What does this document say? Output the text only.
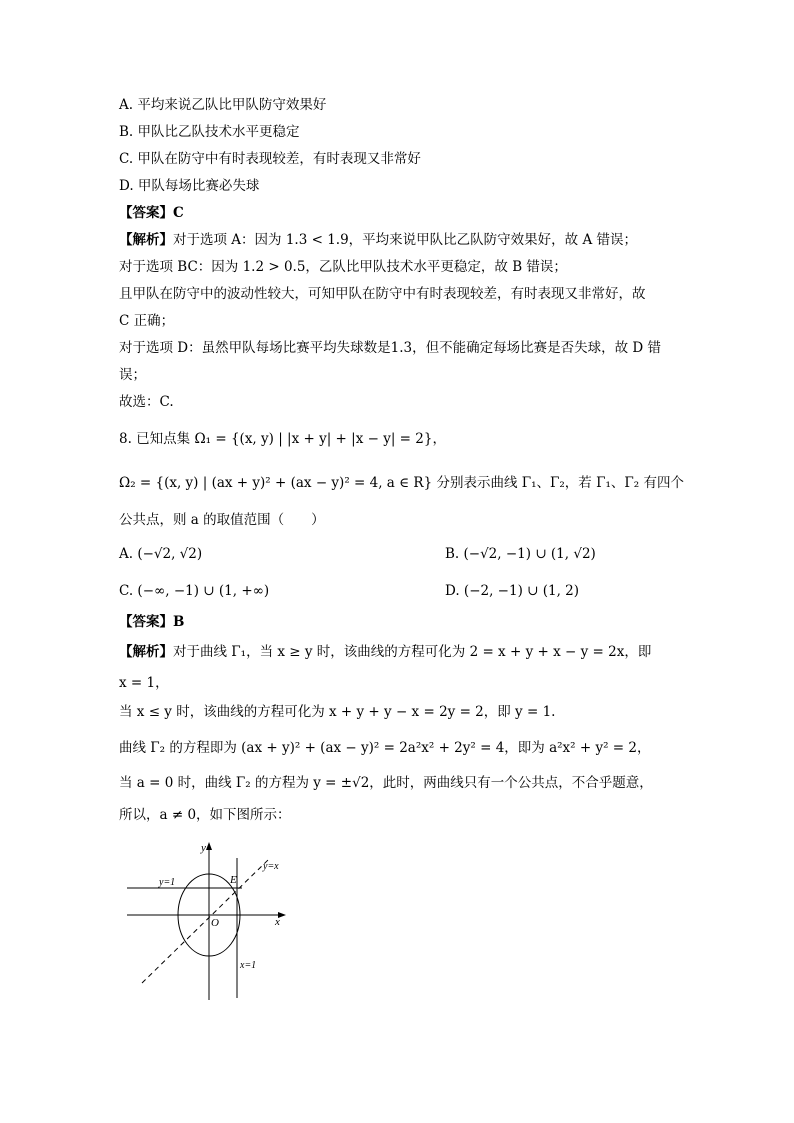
A. 平均来说乙队比甲队防守效果好
B. 甲队比乙队技术水平更稳定
C. 甲队在防守中有时表现较差，有时表现又非常好
D. 甲队每场比赛必失球
【答案】C
【解析】对于选项 A：因为 1.3 < 1.9，平均来说甲队比乙队防守效果好，故 A 错误；
对于选项 BC：因为 1.2 > 0.5，乙队比甲队技术水平更稳定，故 B 错误；
且甲队在防守中的波动性较大，可知甲队在防守中有时表现较差，有时表现又非常好，故
C 正确；
对于选项 D：虽然甲队每场比赛平均失球数是1.3，但不能确定每场比赛是否失球，故 D 错
误；
故选：C.
8. 已知点集 Ω₁ = {(x, y) | |x + y| + |x − y| = 2}，
Ω₂ = {(x, y) | (ax + y)² + (ax − y)² = 4, a ∈ R} 分别表示曲线 Γ₁、Γ₂，若 Γ₁、Γ₂ 有四个
公共点，则 a 的取值范围（　　）
A. (−√2, √2)	B. (−√2, −1) ∪ (1, √2)
C. (−∞, −1) ∪ (1, +∞)	D. (−2, −1) ∪ (1, 2)
【答案】B
【解析】对于曲线 Γ₁，当 x ≥ y 时，该曲线的方程可化为 2 = x + y + x − y = 2x，即
x = 1，
当 x ≤ y 时，该曲线的方程可化为 x + y + y − x = 2y = 2，即 y = 1.
曲线 Γ₂ 的方程即为 (ax + y)² + (ax − y)² = 2a²x² + 2y² = 4，即为 a²x² + y² = 2，
当 a = 0 时，曲线 Γ₂ 的方程为 y = ±√2，此时，两曲线只有一个公共点，不合乎题意，
所以，a ≠ 0，如下图所示：
y
x
O
E
y=1
y=x
x=1
